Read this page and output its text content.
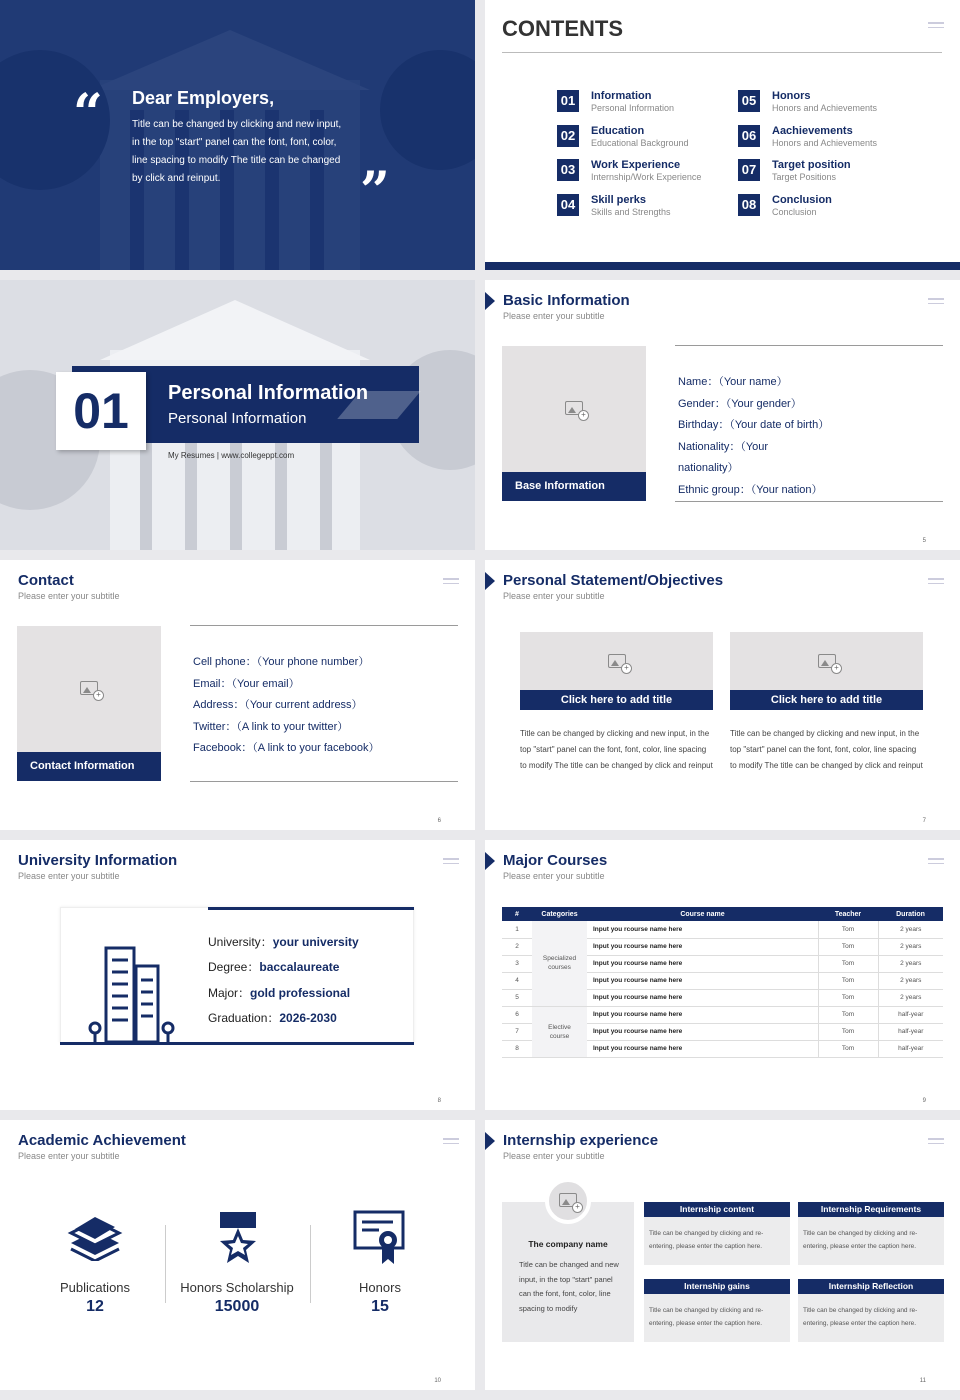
“ Dear Employers,
Title can be changed by clicking and new input, in the top "start" panel can the font, font, color, line spacing to modify The title can be changed by click and reinput.	”
CONTENTS
01	Information
Personal Information
02	Education
Educational Background
03	Work Experience
Internship/Work Experience
04	Skill perks
Skills and Strengths
05	Honors
Honors and Achievements
06	Aachievements
Honors and Achievements
07	Target position
Target Positions
08	Conclusion
Conclusion
01	Personal Information
Personal Information
My Resumes | www.collegeppt.com
Basic Information
Please enter your subtitle
+
Base Information
Name：（Your name）
Gender：（Your gender）
Birthday：（Your date of birth）
Nationality：（Your
nationality）
Ethnic group：（Your nation）
5
Contact
Please enter your subtitle
+
Contact Information
Cell phone：（Your phone number）
Email：（Your email）
Address：（Your current address）
Twitter：（A link to your twitter）
Facebook：（A link to your facebook）
6
Personal Statement/Objectives
Please enter your subtitle
+
Click here to add title
Title can be changed by clicking and new input, in the top "start" panel can the font, font, color, line spacing to modify The title can be changed by click and reinput
+
Click here to add title
Title can be changed by clicking and new input, in the top "start" panel can the font, font, color, line spacing to modify The title can be changed by click and reinput
7
University Information
Please enter your subtitle
University：your university
Degree：baccalaureate
Major：gold professional
Graduation：2026-2030
8
Major Courses
Please enter your subtitle
#	Categories	Course name	Teacher	Duration
1	Specialized courses	Input you rcourse name here	Tom	2 years
2		Input you rcourse name here	Tom	2 years
3		Input you rcourse name here	Tom	2 years
4		Input you rcourse name here	Tom	2 years
5		Input you rcourse name here	Tom	2 years
6	Elective course	Input you rcourse name here	Tom	half-year
7		Input you rcourse name here	Tom	half-year
8		Input you rcourse name here	Tom	half-year
9
Academic Achievement
Please enter your subtitle
Publications
12
Honors Scholarship
15000
Honors
15
10
Internship experience
Please enter your subtitle
+
The company name
Title can be changed and new input, in the top "start" panel can the font, font, color, line spacing to modify
Internship content
Title can be changed by clicking and re-entering, please enter the caption here.
Internship Requirements
Title can be changed by clicking and re-entering, please enter the caption here.
Internship gains
Title can be changed by clicking and re-entering, please enter the caption here.
Internship Reflection
Title can be changed by clicking and re-entering, please enter the caption here.
11
